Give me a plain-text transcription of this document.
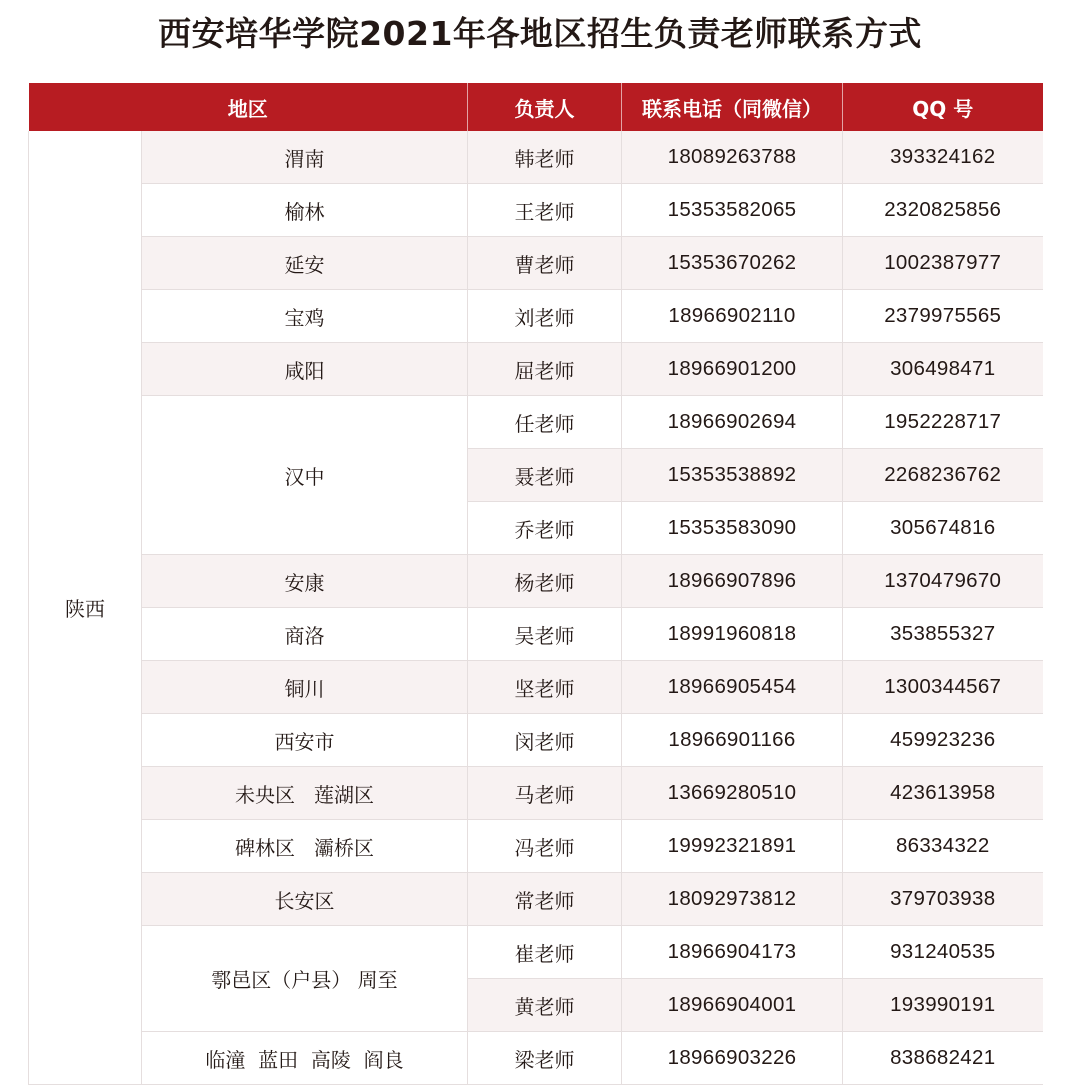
西安培华学院2021年各地区招生负责老师联系方式
地区		负责人	联系电话（同微信）	QQ 号
陕西	渭南	韩老师	18089263788	393324162
	榆林	王老师	15353582065	2320825856
	延安	曹老师	15353670262	1002387977
	宝鸡	刘老师	18966902110	2379975565
	咸阳	屈老师	18966901200	306498471
	汉中	任老师	18966902694	1952228717
		聂老师	15353538892	2268236762
		乔老师	15353583090	305674816
	安康	杨老师	18966907896	1370479670
	商洛	吴老师	18991960818	353855327
	铜川	坚老师	18966905454	1300344567
	西安市	闵老师	18966901166	459923236
	未央区   莲湖区	马老师	13669280510	423613958
	碑林区   灞桥区	冯老师	19992321891	86334322
	长安区	常老师	18092973812	379703938
	鄠邑区（户县） 周至	崔老师	18966904173	931240535
		黄老师	18966904001	193990191
	临潼  蓝田  高陵  阎良	梁老师	18966903226	838682421
